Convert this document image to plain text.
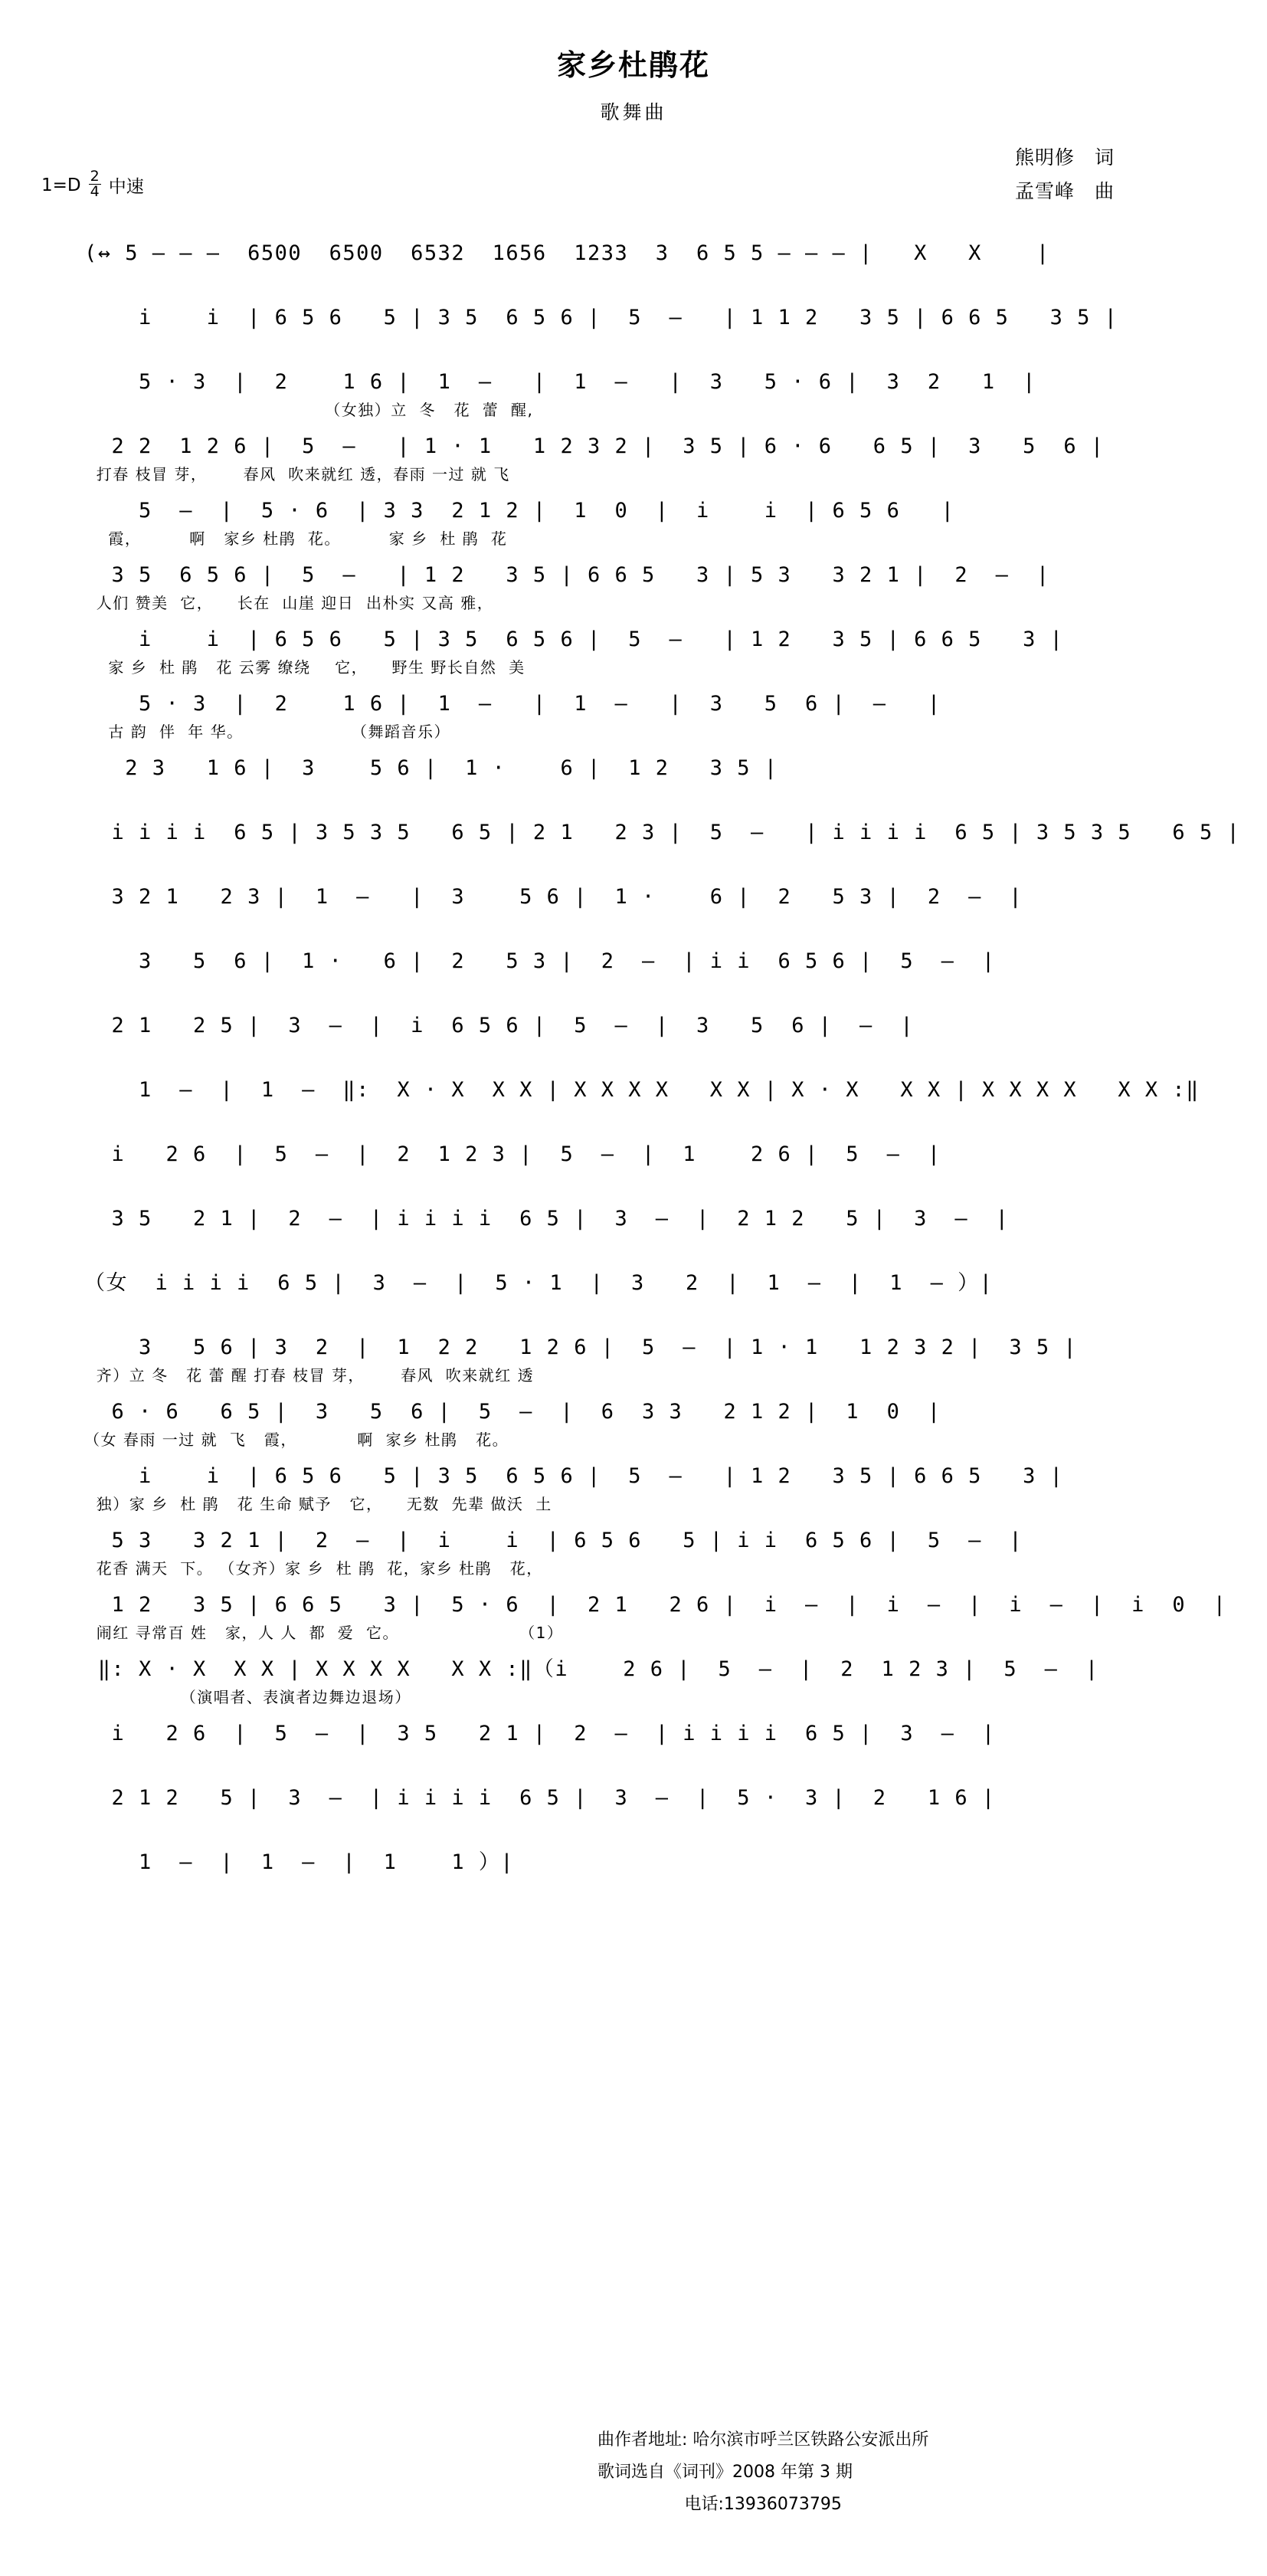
家乡杜鹃花
歌舞曲
熊明修 词
孟雪峰 曲
$1=D \frac{2}{4}$ 中速
(↔ 5 — — —  6500  6500  6532  1656  1233  3  6 5 5 — — — |   X   X    |
i    i  | 6 5 6   5 | 3 5  6 5 6 |  5  —   | 1 1 2   3 5 | 6 6 5   3 5 |
5 · 3  |  2    1 6 |  1  —   |  1  —   |  3   5 · 6 |  3  2   1  |
（女独）立  冬   花  蕾  醒,
2 2  1 2 6 |  5  —   | 1 · 1   1 2 3 2 |  3 5 | 6 · 6   6 5 |  3   5  6 |
打春 枝冒 芽，      春风  吹来就红 透，春雨 一过 就 飞
5  —  |  5 · 6  | 3 3  2 1 2 |  1  0  |  i    i  | 6 5 6   |
霞，        啊   家乡 杜鹃  花。        家 乡  杜 鹃  花
3 5  6 5 6 |  5  —   | 1 2   3 5 | 6 6 5   3 | 5 3   3 2 1 |  2  —  |
人们 赞美  它，    长在  山崖 迎日  出朴实 又高 雅，
i    i  | 6 5 6   5 | 3 5  6 5 6 |  5  —   | 1 2   3 5 | 6 6 5   3 |
家 乡  杜 鹃   花 云雾 缭绕    它，    野生 野长自然  美
5 · 3  |  2    1 6 |  1  —   |  1  —   |  3   5  6 |  —   |
古 韵  伴  年 华。                  （舞蹈音乐）
2 3   1 6 |  3    5 6 |  1 ·    6 |  1 2   3 5 |
i i i i  6 5 | 3 5 3 5   6 5 | 2 1   2 3 |  5  —   | i i i i  6 5 | 3 5 3 5   6 5 |
3 2 1   2 3 |  1  —   |  3    5 6 |  1 ·    6 |  2   5 3 |  2  —  |
3   5  6 |  1 ·   6 |  2   5 3 |  2  —  | i i  6 5 6 |  5  —  |
2 1   2 5 |  3  —  |  i  6 5 6 |  5  —  |  3   5  6 |  —  |
1  —  |  1  —  ‖:  X · X  X X | X X X X   X X | X · X   X X | X X X X   X X :‖
i   2 6  |  5  —  |  2  1 2 3 |  5  —  |  1    2 6 |  5  —  |
3 5   2 1 |  2  —  | i i i i  6 5 |  3  —  |  2 1 2   5 |  3  —  |
（女  i i i i  6 5 |  3  —  |  5 · 1  |  3   2  |  1  —  |  1  — ）|
3   5 6 | 3  2  |  1  2 2   1 2 6 |  5  —  | 1 · 1   1 2 3 2 |  3 5 |
齐）立 冬   花 蕾 醒 打春 枝冒 芽，      春风  吹来就红 透
6 · 6   6 5 |  3   5  6 |  5  —  |  6  3 3   2 1 2 |  1  0  |
（女 春雨 一过 就  飞   霞，          啊  家乡 杜鹃   花。
i    i  | 6 5 6   5 | 3 5  6 5 6 |  5  —   | 1 2   3 5 | 6 6 5   3 |
独）家 乡  杜 鹃   花 生命 赋予   它，    无数  先辈 做沃  土
5 3   3 2 1 |  2  —  |  i    i  | 6 5 6   5 | i i  6 5 6 |  5  —  |
花香 满天  下。 （女齐）家 乡  杜 鹃  花，家乡 杜鹃   花，
1 2   3 5 | 6 6 5   3 |  5 · 6  |  2 1   2 6 |  i  —  |  i  —  |  i  —  |  i  0  |
闹红 寻常百 姓   家，人 人  都  爱  它。                    （1）
‖: X · X  X X | X X X X   X X :‖（i    2 6 |  5  —  |  2  1 2 3 |  5  —  |
（演唱者、表演者边舞边退场）
i   2 6  |  5  —  |  3 5   2 1 |  2  —  | i i i i  6 5 |  3  —  |
2 1 2   5 |  3  —  | i i i i  6 5 |  3  —  |  5 ·  3 |  2   1 6 |
1  —  |  1  —  |  1    1 ）|
曲作者地址: 哈尔滨市呼兰区铁路公安派出所
歌词选自《词刊》2008 年第 3 期
电话:13936073795
